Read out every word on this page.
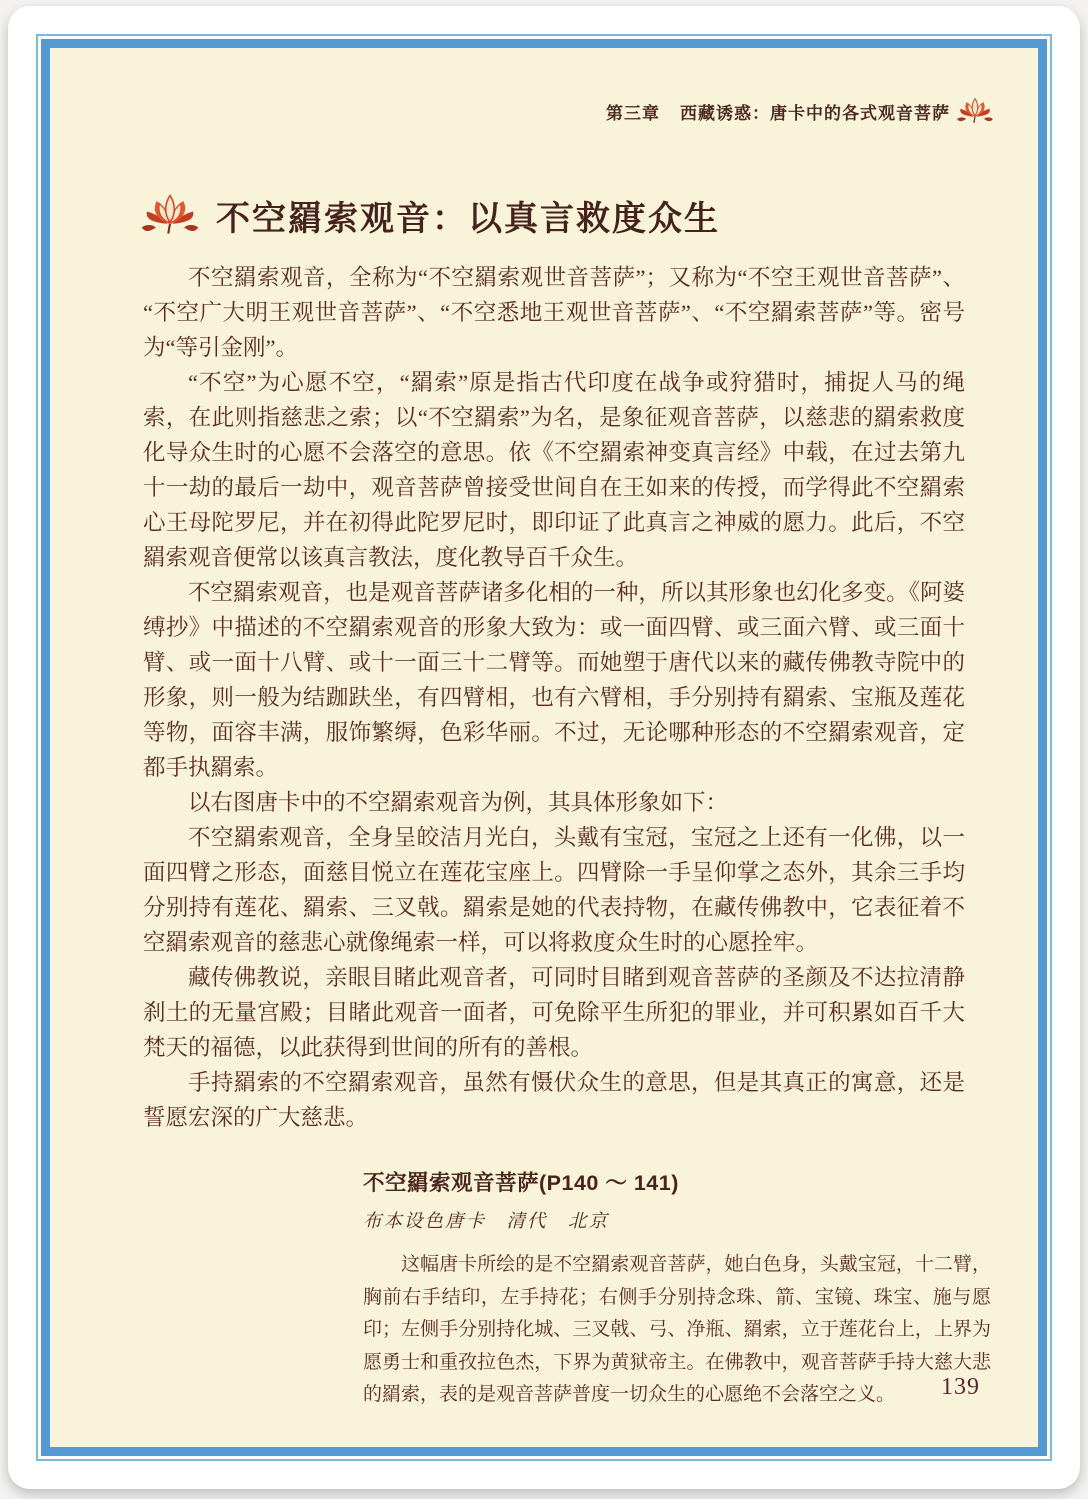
第三章 西藏诱惑：唐卡中的各式观音菩萨
不空羂索观音：以真言救度众生

不空羂索观音，全称为“不空羂索观世音菩萨”；又称为“不空王观世音菩萨”、“不空广大明王观世音菩萨”、“不空悉地王观世音菩萨”、“不空羂索菩萨”等。密号为“等引金刚”。

“不空”为心愿不空，“羂索”原是指古代印度在战争或狩猎时，捕捉人马的绳索，在此则指慈悲之索；以“不空羂索”为名，是象征观音菩萨，以慈悲的羂索救度化导众生时的心愿不会落空的意思。依《不空羂索神变真言经》中载，在过去第九十一劫的最后一劫中，观音菩萨曾接受世间自在王如来的传授，而学得此不空羂索心王母陀罗尼，并在初得此陀罗尼时，即印证了此真言之神威的愿力。此后，不空羂索观音便常以该真言教法，度化教导百千众生。

不空羂索观音，也是观音菩萨诸多化相的一种，所以其形象也幻化多变。《阿婆缚抄》中描述的不空羂索观音的形象大致为：或一面四臂、或三面六臂、或三面十臂、或一面十八臂、或十一面三十二臂等。而她塑于唐代以来的藏传佛教寺院中的形象，则一般为结跏趺坐，有四臂相，也有六臂相，手分别持有羂索、宝瓶及莲花等物，面容丰满，服饰繁缛，色彩华丽。不过，无论哪种形态的不空羂索观音，定都手执羂索。

以右图唐卡中的不空羂索观音为例，其具体形象如下：

不空羂索观音，全身呈皎洁月光白，头戴有宝冠，宝冠之上还有一化佛，以一面四臂之形态，面慈目悦立在莲花宝座上。四臂除一手呈仰掌之态外，其余三手均分别持有莲花、羂索、三叉戟。羂索是她的代表持物，在藏传佛教中，它表征着不空羂索观音的慈悲心就像绳索一样，可以将救度众生时的心愿拴牢。

藏传佛教说，亲眼目睹此观音者，可同时目睹到观音菩萨的圣颜及不达拉清静刹土的无量宫殿；目睹此观音一面者，可免除平生所犯的罪业，并可积累如百千大梵天的福德，以此获得到世间的所有的善根。

手持羂索的不空羂索观音，虽然有慑伏众生的意思，但是其真正的寓意，还是誓愿宏深的广大慈悲。

不空羂索观音菩萨(P140 ～ 141)

布本设色唐卡　清代　北京

这幅唐卡所绘的是不空羂索观音菩萨，她白色身，头戴宝冠，十二臂，胸前右手结印，左手持花；右侧手分别持念珠、箭、宝镜、珠宝、施与愿印；左侧手分别持化城、三叉戟、弓、净瓶、羂索，立于莲花台上，上界为愿勇士和重孜拉色杰，下界为黄狱帝主。在佛教中，观音菩萨手持大慈大悲的羂索，表的是观音菩萨普度一切众生的心愿绝不会落空之义。	139
